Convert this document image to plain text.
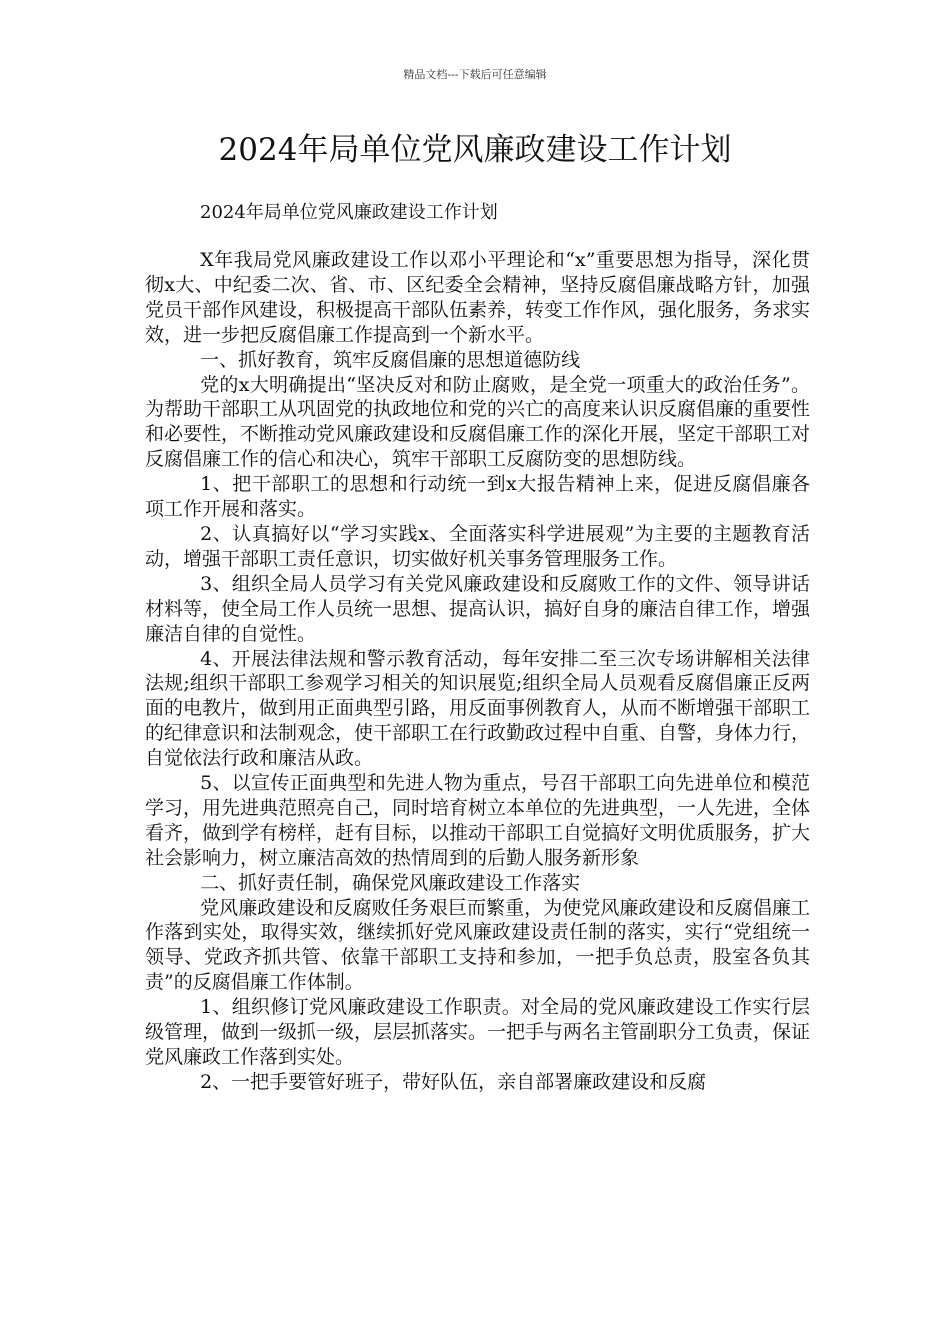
精品文档---下载后可任意编辑
2024年局单位党风廉政建设工作计划

2024年局单位党风廉政建设工作计划

X年我局党风廉政建设工作以邓小平理论和“x”重要思想为指导，深化贯彻x大、中纪委二次、省、市、区纪委全会精神，坚持反腐倡廉战略方针，加强党员干部作风建设，积极提高干部队伍素养，转变工作作风，强化服务，务求实效，进一步把反腐倡廉工作提高到一个新水平。

一、抓好教育，筑牢反腐倡廉的思想道德防线

党的x大明确提出“坚决反对和防止腐败，是全党一项重大的政治任务”。为帮助干部职工从巩固党的执政地位和党的兴亡的高度来认识反腐倡廉的重要性和必要性，不断推动党风廉政建设和反腐倡廉工作的深化开展，坚定干部职工对反腐倡廉工作的信心和决心，筑牢干部职工反腐防变的思想防线。

1、把干部职工的思想和行动统一到x大报告精神上来，促进反腐倡廉各项工作开展和落实。

2、认真搞好以“学习实践x、全面落实科学进展观”为主要的主题教育活动，增强干部职工责任意识，切实做好机关事务管理服务工作。

3、组织全局人员学习有关党风廉政建设和反腐败工作的文件、领导讲话材料等，使全局工作人员统一思想、提高认识，搞好自身的廉洁自律工作，增强廉洁自律的自觉性。

4、开展法律法规和警示教育活动，每年安排二至三次专场讲解相关法律法规;组织干部职工参观学习相关的知识展览;组织全局人员观看反腐倡廉正反两面的电教片，做到用正面典型引路，用反面事例教育人，从而不断增强干部职工的纪律意识和法制观念，使干部职工在行政勤政过程中自重、自警，身体力行，自觉依法行政和廉洁从政。

5、以宣传正面典型和先进人物为重点，号召干部职工向先进单位和模范学习，用先进典范照亮自己，同时培育树立本单位的先进典型，一人先进，全体看齐，做到学有榜样，赶有目标，以推动干部职工自觉搞好文明优质服务，扩大社会影响力，树立廉洁高效的热情周到的后勤人服务新形象

二、抓好责任制，确保党风廉政建设工作落实

党风廉政建设和反腐败任务艰巨而繁重，为使党风廉政建设和反腐倡廉工作落到实处，取得实效，继续抓好党风廉政建设责任制的落实，实行“党组统一领导、党政齐抓共管、依靠干部职工支持和参加，一把手负总责，股室各负其责”的反腐倡廉工作体制。

1、组织修订党风廉政建设工作职责。对全局的党风廉政建设工作实行层级管理，做到一级抓一级，层层抓落实。一把手与两名主管副职分工负责，保证党风廉政工作落到实处。

2、一把手要管好班子，带好队伍，亲自部署廉政建设和反腐
